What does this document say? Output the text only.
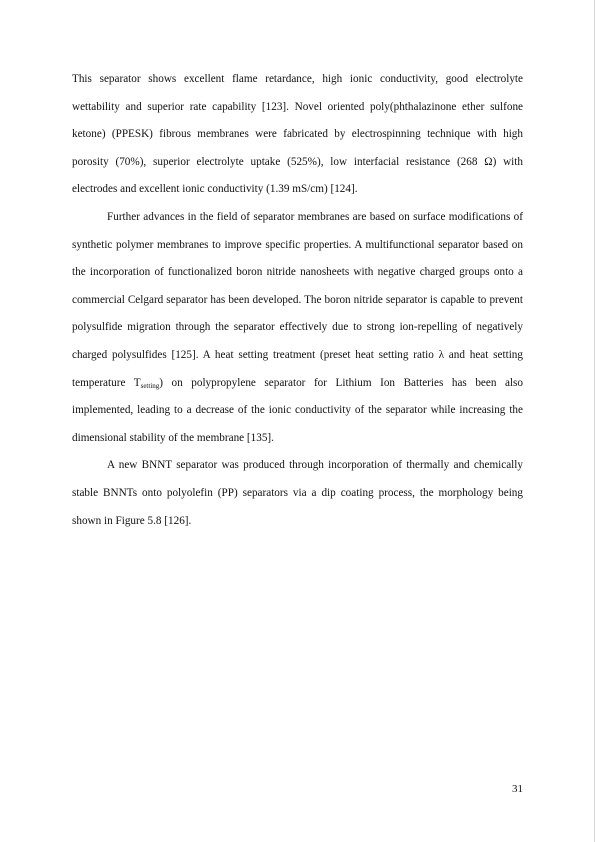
This separator shows excellent flame retardance, high ionic conductivity, good electrolyte wettability and superior rate capability [123]. Novel oriented poly(phthalazinone ether sulfone ketone) (PPESK) fibrous membranes were fabricated by electrospinning technique with high porosity (70%), superior electrolyte uptake (525%), low interfacial resistance (268 Ω) with electrodes and excellent ionic conductivity (1.39 mS/cm) [124].

Further advances in the field of separator membranes are based on surface modifications of synthetic polymer membranes to improve specific properties. A multifunctional separator based on the incorporation of functionalized boron nitride nanosheets with negative charged groups onto a commercial Celgard separator has been developed. The boron nitride separator is capable to prevent polysulfide migration through the separator effectively due to strong ion-repelling of negatively charged polysulfides [125]. A heat setting treatment (preset heat setting ratio λ and heat setting temperature $T_{setting}$) on polypropylene separator for Lithium Ion Batteries has been also implemented, leading to a decrease of the ionic conductivity of the separator while increasing the dimensional stability of the membrane [135].

A new BNNT separator was produced through incorporation of thermally and chemically stable BNNTs onto polyolefin (PP) separators via a dip coating process, the morphology being shown in Figure 5.8 [126].

31
